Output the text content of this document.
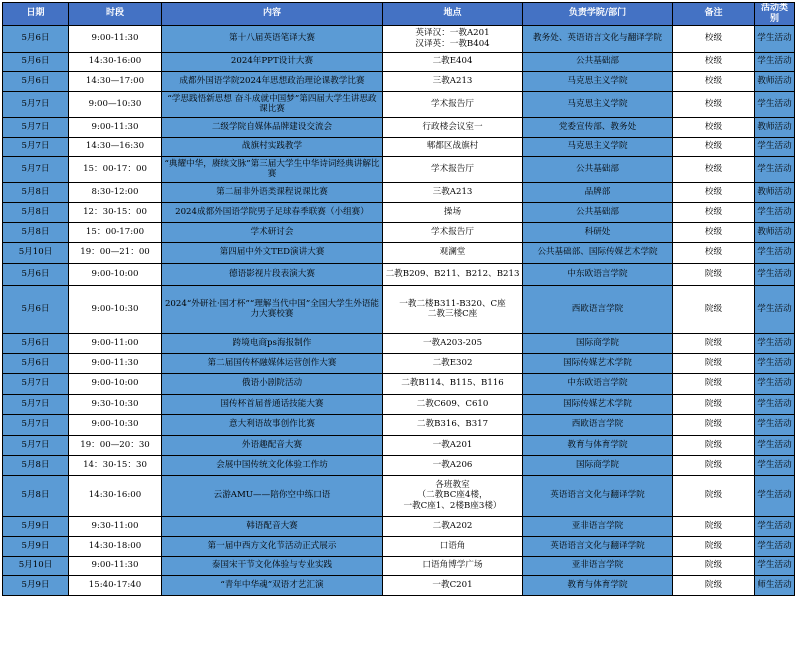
日期	时段	内容	地点	负责学院/部门	备注	活动类别

5月6日	9:00-11:30	第十八届英语笔译大赛	英译汉：一教A201
汉译英：一教B404	教务处、英语语言文化与翻译学院	校级	学生活动

5月6日	14:30-16:00	2024年PPT设计大赛	二教E404	公共基础部	校级	学生活动

5月6日	14:30—17:00	成都外国语学院2024年思想政治理论课教学比赛	三教A213	马克思主义学院	校级	教师活动

5月7日	9:00—10:30	“学思践悟新思想 奋斗成就中国梦”第四届大学生讲思政课比赛	学术报告厅	马克思主义学院	校级	学生活动

5月7日	9:00-11:30	二级学院自媒体品牌建设交流会	行政楼会议室一	党委宣传部、教务处	校级	教师活动

5月7日	14:30—16:30	战旗村实践教学	郫都区战旗村	马克思主义学院	校级	学生活动

5月7日	15：00-17：00	“典耀中华，赓续文脉”第三届大学生中华诗词经典讲解比赛	学术报告厅	公共基础部	校级	学生活动

5月8日	8:30-12:00	第二届非外语类课程说课比赛	三教A213	品牌部	校级	教师活动

5月8日	12：30-15：00	2024成都外国语学院男子足球春季联赛（小组赛）	操场	公共基础部	校级	学生活动

5月8日	15：00-17:00	学术研讨会	学术报告厅	科研处	校级	教师活动

5月10日	19：00—21：00	第四届中外文TED演讲大赛	观澜堂	公共基础部、国际传媒艺术学院	校级	学生活动

5月6日	9:00-10:00	德语影视片段表演大赛	二教B209、B211、B212、B213	中东欧语言学院	院级	学生活动

5月6日	9:00-10:30	2024“外研社·国才杯”“理解当代中国”全国大学生外语能力大赛校赛	一教二楼B311-B320、C座
二教三楼C座	西欧语言学院	院级	学生活动

5月6日	9:00-11:00	跨境电商ps海报制作	一教A203-205	国际商学院	院级	学生活动

5月6日	9:00-11:30	第二届国传杯融媒体运营创作大赛	二教E302	国际传媒艺术学院	院级	学生活动

5月7日	9:00-10:00	俄语小剧院活动	二教B114、B115、B116	中东欧语言学院	院级	学生活动

5月7日	9:30-10:30	国传杯首届普通话技能大赛	二教C609、C610	国际传媒艺术学院	院级	学生活动

5月7日	9:00-10:30	意大利语故事创作比赛	二教B316、B317	西欧语言学院	院级	学生活动

5月7日	19：00—20：30	外语趣配音大赛	一教A201	教育与体育学院	院级	学生活动

5月8日	14：30-15：30	会展中国传统文化体验工作坊	一教A206	国际商学院	院级	学生活动

5月8日	14:30-16:00	云游AMU——陪你空中练口语	各班教室
（二教BC座4楼，
一教C座1、2楼B座3楼）	英语语言文化与翻译学院	院级	学生活动

5月9日	9:30-11:00	韩语配音大赛	二教A202	亚非语言学院	院级	学生活动

5月9日	14:30-18:00	第一届中西方文化节活动正式展示	口语角	英语语言文化与翻译学院	院级	学生活动

5月10日	9:00-11:30	泰国宋干节文化体验与专业实践	口语角博学广场	亚非语言学院	院级	学生活动

5月9日	15:40-17:40	“青年中华魂”双语才艺汇演	一教C201	教育与体育学院	院级	师生活动
